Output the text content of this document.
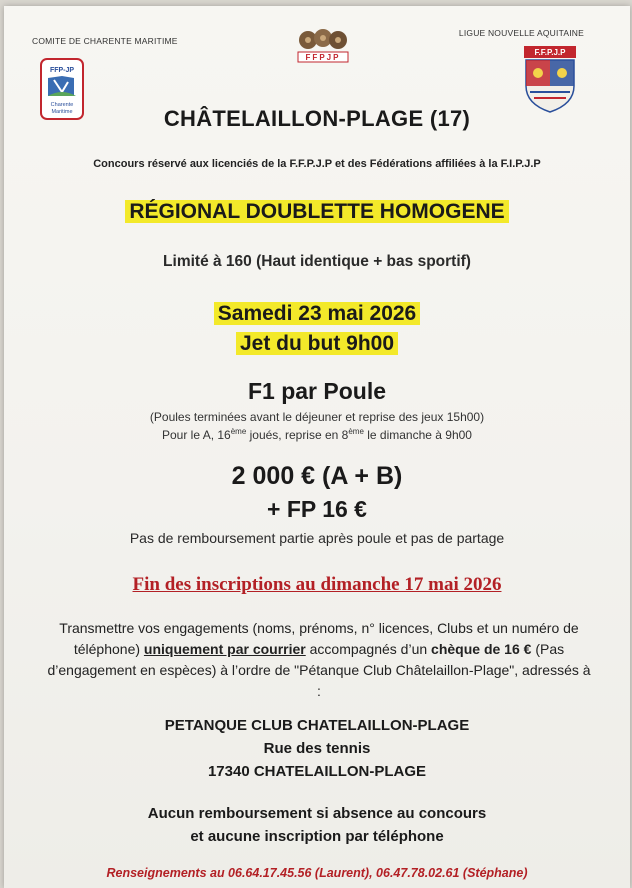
COMITE DE CHARENTE MARITIME
LIGUE NOUVELLE AQUITAINE
FFP-JP
Charente
Maritime
FFPJP
F.F.P.J.P
CHÂTELAILLON-PLAGE (17)
Concours réservé aux licenciés de la F.F.P.J.P et des Fédérations affiliées à la F.I.P.J.P
RÉGIONAL DOUBLETTE HOMOGENE
Limité à 160 (Haut identique + bas sportif)
Samedi 23 mai 2026
Jet du but 9h00
F1 par Poule
(Poules terminées avant le déjeuner et reprise des jeux 15h00)
Pour le A, 16ème joués, reprise en 8ème le dimanche à 9h00
2 000 € (A + B)
+ FP 16 €
Pas de remboursement partie après poule et pas de partage
Fin des inscriptions au dimanche 17 mai 2026
Transmettre vos engagements (noms, prénoms, n° licences, Clubs et un numéro de téléphone) uniquement par courrier accompagnés d’un chèque de 16 € (Pas d’engagement en espèces) à l’ordre de "Pétanque Club Châtelaillon-Plage", adressés à :
PETANQUE CLUB CHATELAILLON-PLAGE
Rue des tennis
17340 CHATELAILLON-PLAGE
Aucun remboursement si absence au concours
et aucune inscription par téléphone
Renseignements au 06.64.17.45.56 (Laurent), 06.47.78.02.61 (Stéphane)
